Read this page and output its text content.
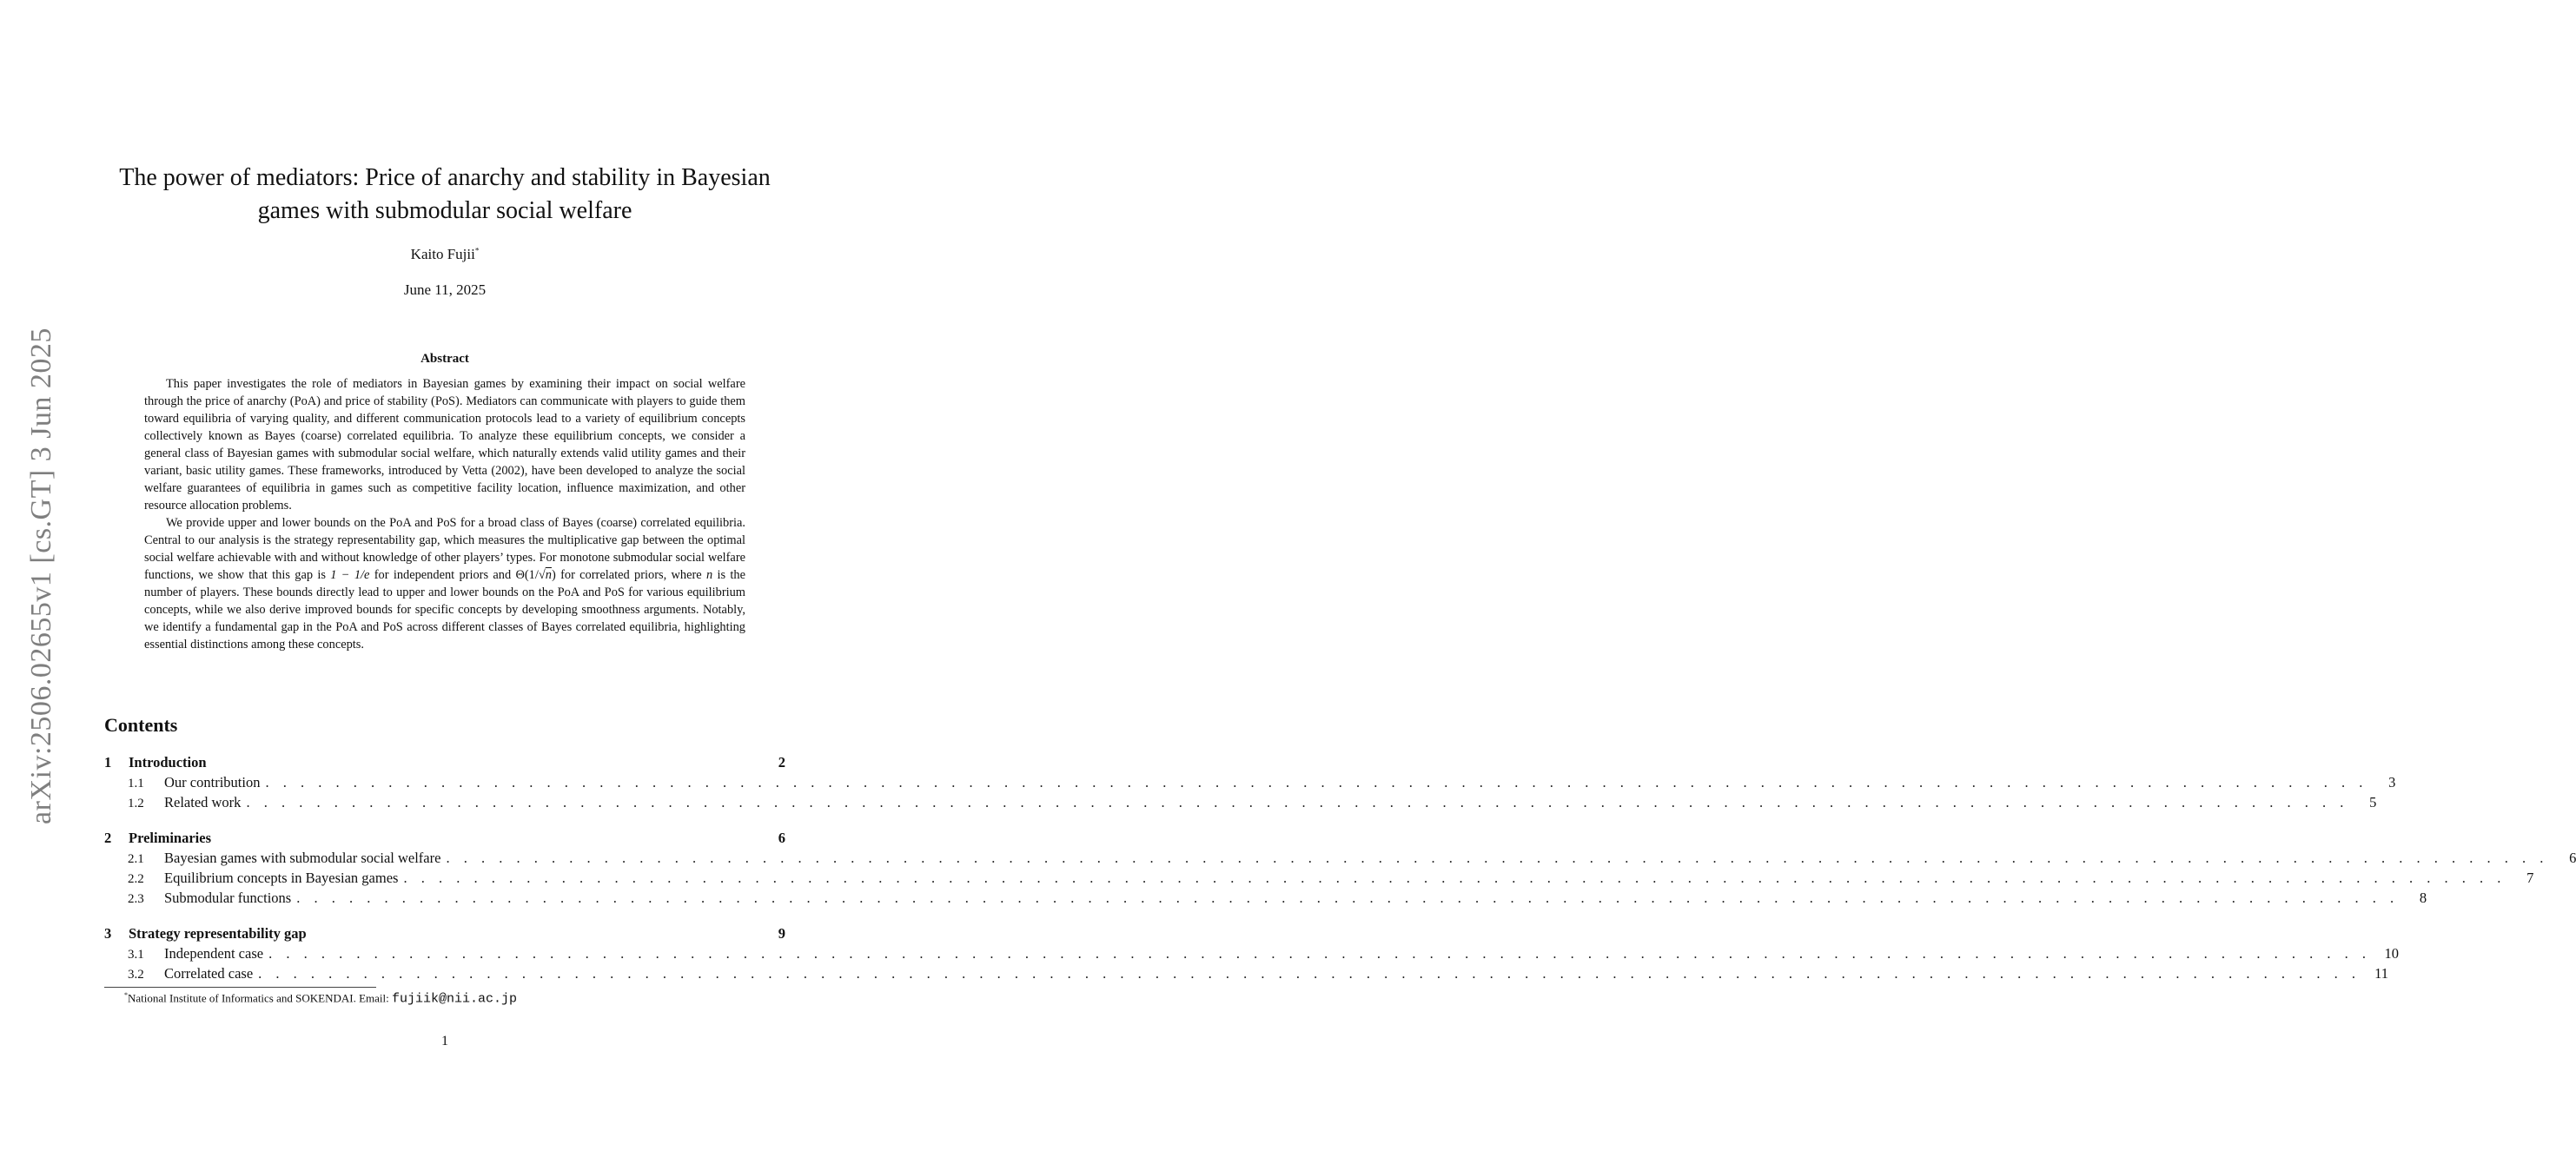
arXiv:2506.02655v1 [cs.GT] 3 Jun 2025
The power of mediators: Price of anarchy and stability in Bayesian games with submodular social welfare
Kaito Fujii*
June 11, 2025
Abstract

This paper investigates the role of mediators in Bayesian games by examining their impact on social welfare through the price of anarchy (PoA) and price of stability (PoS). Mediators can communicate with players to guide them toward equilibria of varying quality, and different communication protocols lead to a variety of equilibrium concepts collectively known as Bayes (coarse) correlated equilibria. To analyze these equilibrium concepts, we consider a general class of Bayesian games with submodular social welfare, which naturally extends valid utility games and their variant, basic utility games. These frameworks, introduced by Vetta (2002), have been developed to analyze the social welfare guarantees of equilibria in games such as competitive facility location, influence maximization, and other resource allocation problems.

We provide upper and lower bounds on the PoA and PoS for a broad class of Bayes (coarse) correlated equilibria. Central to our analysis is the strategy representability gap, which measures the multiplicative gap between the optimal social welfare achievable with and without knowledge of other players’ types. For monotone submodular social welfare functions, we show that this gap is 1 − 1/e for independent priors and Θ(1/√n) for correlated priors, where n is the number of players. These bounds directly lead to upper and lower bounds on the PoA and PoS for various equilibrium concepts, while we also derive improved bounds for specific concepts by developing smoothness arguments. Notably, we identify a fundamental gap in the PoA and PoS across different classes of Bayes correlated equilibria, highlighting essential distinctions among these concepts.

Contents
1	Introduction	2
1.1	Our contribution . . . . . . . . . . . . . . . . . . . . . . . . . . . . . . . . . . . . . . . . . . . . . . . . . . . . . . . . . . . . . . . . . . . . . . . . . . . . . . . . . . . . . . . . . . . . . . . . . . . . . . . . . . . . . . . . . . . . . . . .	3
1.2	Related work . . . . . . . . . . . . . . . . . . . . . . . . . . . . . . . . . . . . . . . . . . . . . . . . . . . . . . . . . . . . . . . . . . . . . . . . . . . . . . . . . . . . . . . . . . . . . . . . . . . . . . . . . . . . . . . . . . . . . . . .	5
2	Preliminaries	6
2.1	Bayesian games with submodular social welfare . . . . . . . . . . . . . . . . . . . . . . . . . . . . . . . . . . . . . . . . . . . . . . . . . . . . . . . . . . . . . . . . . . . . . . . . . . . . . . . . . . . . . . . . . . . . . . . . . . . . . . . . . . . . . . . . . . . . . . . .	6
2.2	Equilibrium concepts in Bayesian games . . . . . . . . . . . . . . . . . . . . . . . . . . . . . . . . . . . . . . . . . . . . . . . . . . . . . . . . . . . . . . . . . . . . . . . . . . . . . . . . . . . . . . . . . . . . . . . . . . . . . . . . . . . . . . . . . . . . . . . .	7
2.3	Submodular functions . . . . . . . . . . . . . . . . . . . . . . . . . . . . . . . . . . . . . . . . . . . . . . . . . . . . . . . . . . . . . . . . . . . . . . . . . . . . . . . . . . . . . . . . . . . . . . . . . . . . . . . . . . . . . . . . . . . . . . . .	8
3	Strategy representability gap	9
3.1	Independent case . . . . . . . . . . . . . . . . . . . . . . . . . . . . . . . . . . . . . . . . . . . . . . . . . . . . . . . . . . . . . . . . . . . . . . . . . . . . . . . . . . . . . . . . . . . . . . . . . . . . . . . . . . . . . . . . . . . . . . . . 10
3.2	Correlated case . . . . . . . . . . . . . . . . . . . . . . . . . . . . . . . . . . . . . . . . . . . . . . . . . . . . . . . . . . . . . . . . . . . . . . . . . . . . . . . . . . . . . . . . . . . . . . . . . . . . . . . . . . . . . . . . . . . . . . . . 11
*National Institute of Informatics and SOKENDAI. Email: fujiik@nii.ac.jp
1
